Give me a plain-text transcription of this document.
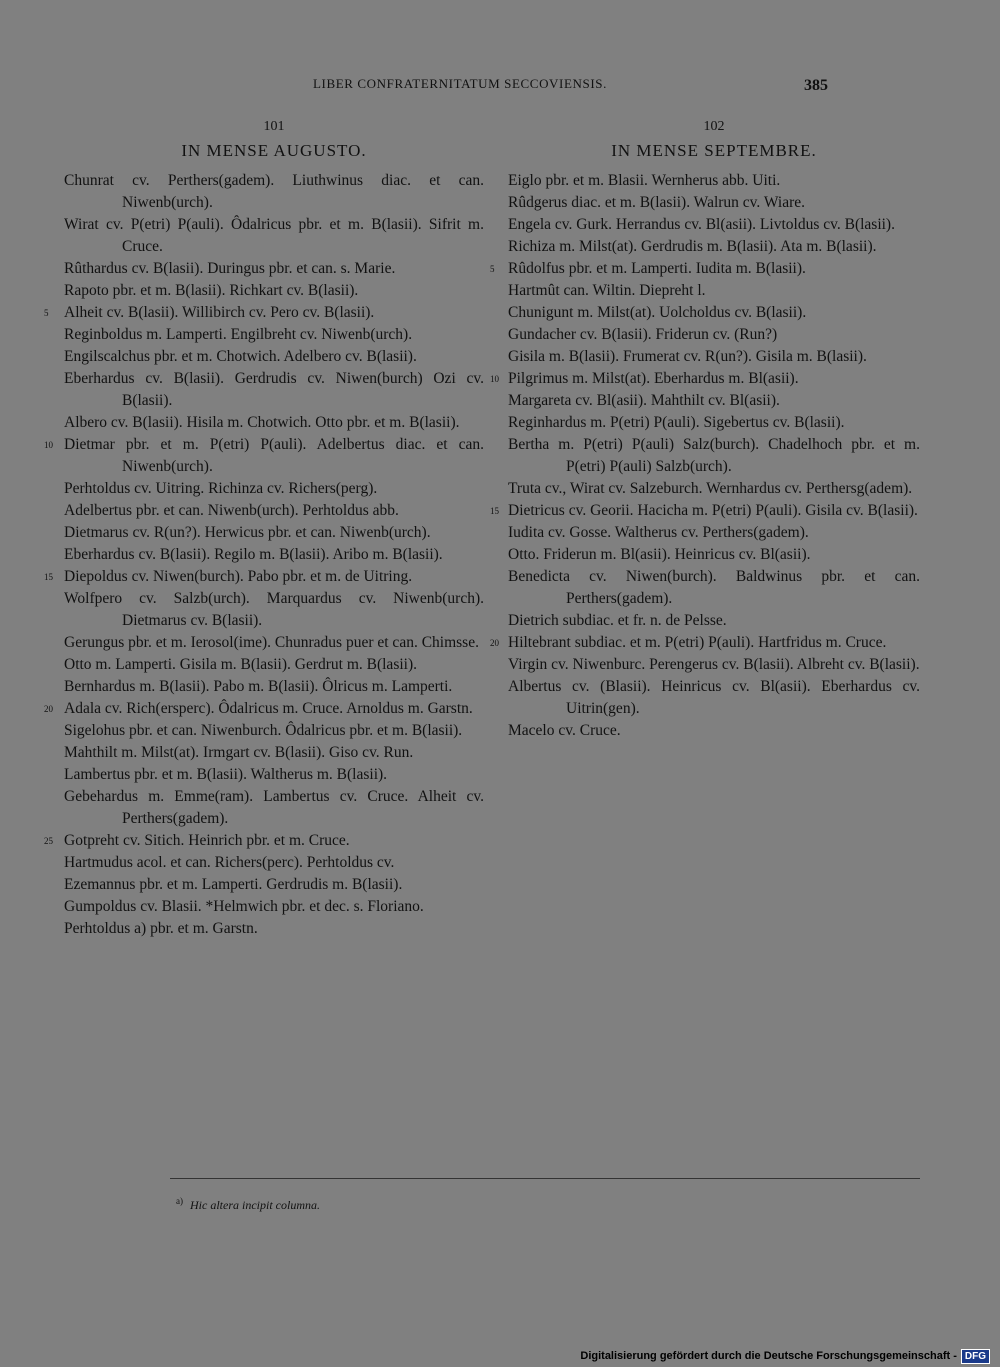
LIBER CONFRATERNITATUM SECCOVIENSIS.	385
101
IN MENSE AUGUSTO.
Chunrat cv. Perthers(gadem). Liuthwinus diac. et can. Niwenb(urch).
Wirat cv. P(etri) P(auli). Ôdalricus pbr. et m. B(lasii). Sifrit m. Cruce.
Rûthardus cv. B(lasii). Duringus pbr. et can. s. Marie.
Rapoto pbr. et m. B(lasii). Richkart cv. B(lasii).
5	Alheit cv. B(lasii). Willibirch cv. Pero cv. B(lasii).
Reginboldus m. Lamperti. Engilbreht cv. Niwenb(urch).
Engilscalchus pbr. et m. Chotwich. Adelbero cv. B(lasii).
Eberhardus cv. B(lasii). Gerdrudis cv. Niwen(burch) Ozi cv. B(lasii).
Albero cv. B(lasii). Hisila m. Chotwich. Otto pbr. et m. B(lasii).
10 Dietmar pbr. et m. P(etri) P(auli). Adelbertus diac. et can. Niwenb(urch).
Perhtoldus cv. Uitring. Richinza cv. Richers(perg).
Adelbertus pbr. et can. Niwenb(urch). Perhtoldus abb.
Dietmarus cv. R(un?). Herwicus pbr. et can. Niwenb(urch).
Eberhardus cv. B(lasii). Regilo m. B(lasii). Aribo m. B(lasii).
15 Diepoldus cv. Niwen(burch). Pabo pbr. et m. de Uitring.
Wolfpero cv. Salzb(urch). Marquardus cv. Niwenb(urch). Dietmarus cv. B(lasii).
Gerungus pbr. et m. Ierosol(ime). Chunradus puer et can. Chimsse.
Otto m. Lamperti. Gisila m. B(lasii). Gerdrut m. B(lasii).
Bernhardus m. B(lasii). Pabo m. B(lasii). Ôlricus m. Lamperti.
20 Adala cv. Rich(ersperc). Ôdalricus m. Cruce. Arnoldus m. Garstn.
Sigelohus pbr. et can. Niwenburch. Ôdalricus pbr. et m. B(lasii).
Mahthilt m. Milst(at). Irmgart cv. B(lasii). Giso cv. Run.
Lambertus pbr. et m. B(lasii). Waltherus m. B(lasii).
Gebehardus m. Emme(ram). Lambertus cv. Cruce. Alheit cv. Perthers(gadem).
25 Gotpreht cv. Sitich. Heinrich pbr. et m. Cruce.
Hartmudus acol. et can. Richers(perc). Perhtoldus cv.
Ezemannus pbr. et m. Lamperti. Gerdrudis m. B(lasii).
Gumpoldus cv. Blasii. *Helmwich pbr. et dec. s. Floriano.
Perhtoldus a) pbr. et m. Garstn.
102
IN MENSE SEPTEMBRE.
Eiglo pbr. et m. Blasii. Wernherus abb. Uiti.
Rûdgerus diac. et m. B(lasii). Walrun cv. Wiare.
Engela cv. Gurk. Herrandus cv. Bl(asii). Livtoldus cv. B(lasii).
Richiza m. Milst(at). Gerdrudis m. B(lasii). Ata m. B(lasii).
5 Rûdolfus pbr. et m. Lamperti. Iudita m. B(lasii).
Hartmût can. Wiltin. Diepreht l.
Chunigunt m. Milst(at). Uolcholdus cv. B(lasii).
Gundacher cv. B(lasii). Friderun cv. (Run?)
Gisila m. B(lasii). Frumerat cv. R(un?). Gisila m. B(lasii).
10 Pilgrimus m. Milst(at). Eberhardus m. Bl(asii).
Margareta cv. Bl(asii). Mahthilt cv. Bl(asii).
Reginhardus m. P(etri) P(auli). Sigebertus cv. B(lasii).
Bertha m. P(etri) P(auli) Salz(burch). Chadelhoch pbr. et m. P(etri) P(auli) Salzb(urch).
Truta cv., Wirat cv. Salzeburch. Wernhardus cv. Perthersg(adem).
15 Dietricus cv. Georii. Hacicha m. P(etri) P(auli). Gisila cv. B(lasii).
Iudita cv. Gosse. Waltherus cv. Perthers(gadem).
Otto. Friderun m. Bl(asii). Heinricus cv. Bl(asii).
Benedicta cv. Niwen(burch). Baldwinus pbr. et can. Perthers(gadem).
Dietrich subdiac. et fr. n. de Pelsse.
20 Hiltebrant subdiac. et m. P(etri) P(auli). Hartfridus m. Cruce.
Virgin cv. Niwenburc. Perengerus cv. B(lasii). Albreht cv. B(lasii).
Albertus cv. (Blasii). Heinricus cv. Bl(asii). Eberhardus cv. Uitrin(gen).
Macelo cv. Cruce.
$^{a)}$ Hic altera incipit columna.
Digitalisierung gefördert durch die Deutsche Forschungsgemeinschaft - DFG
